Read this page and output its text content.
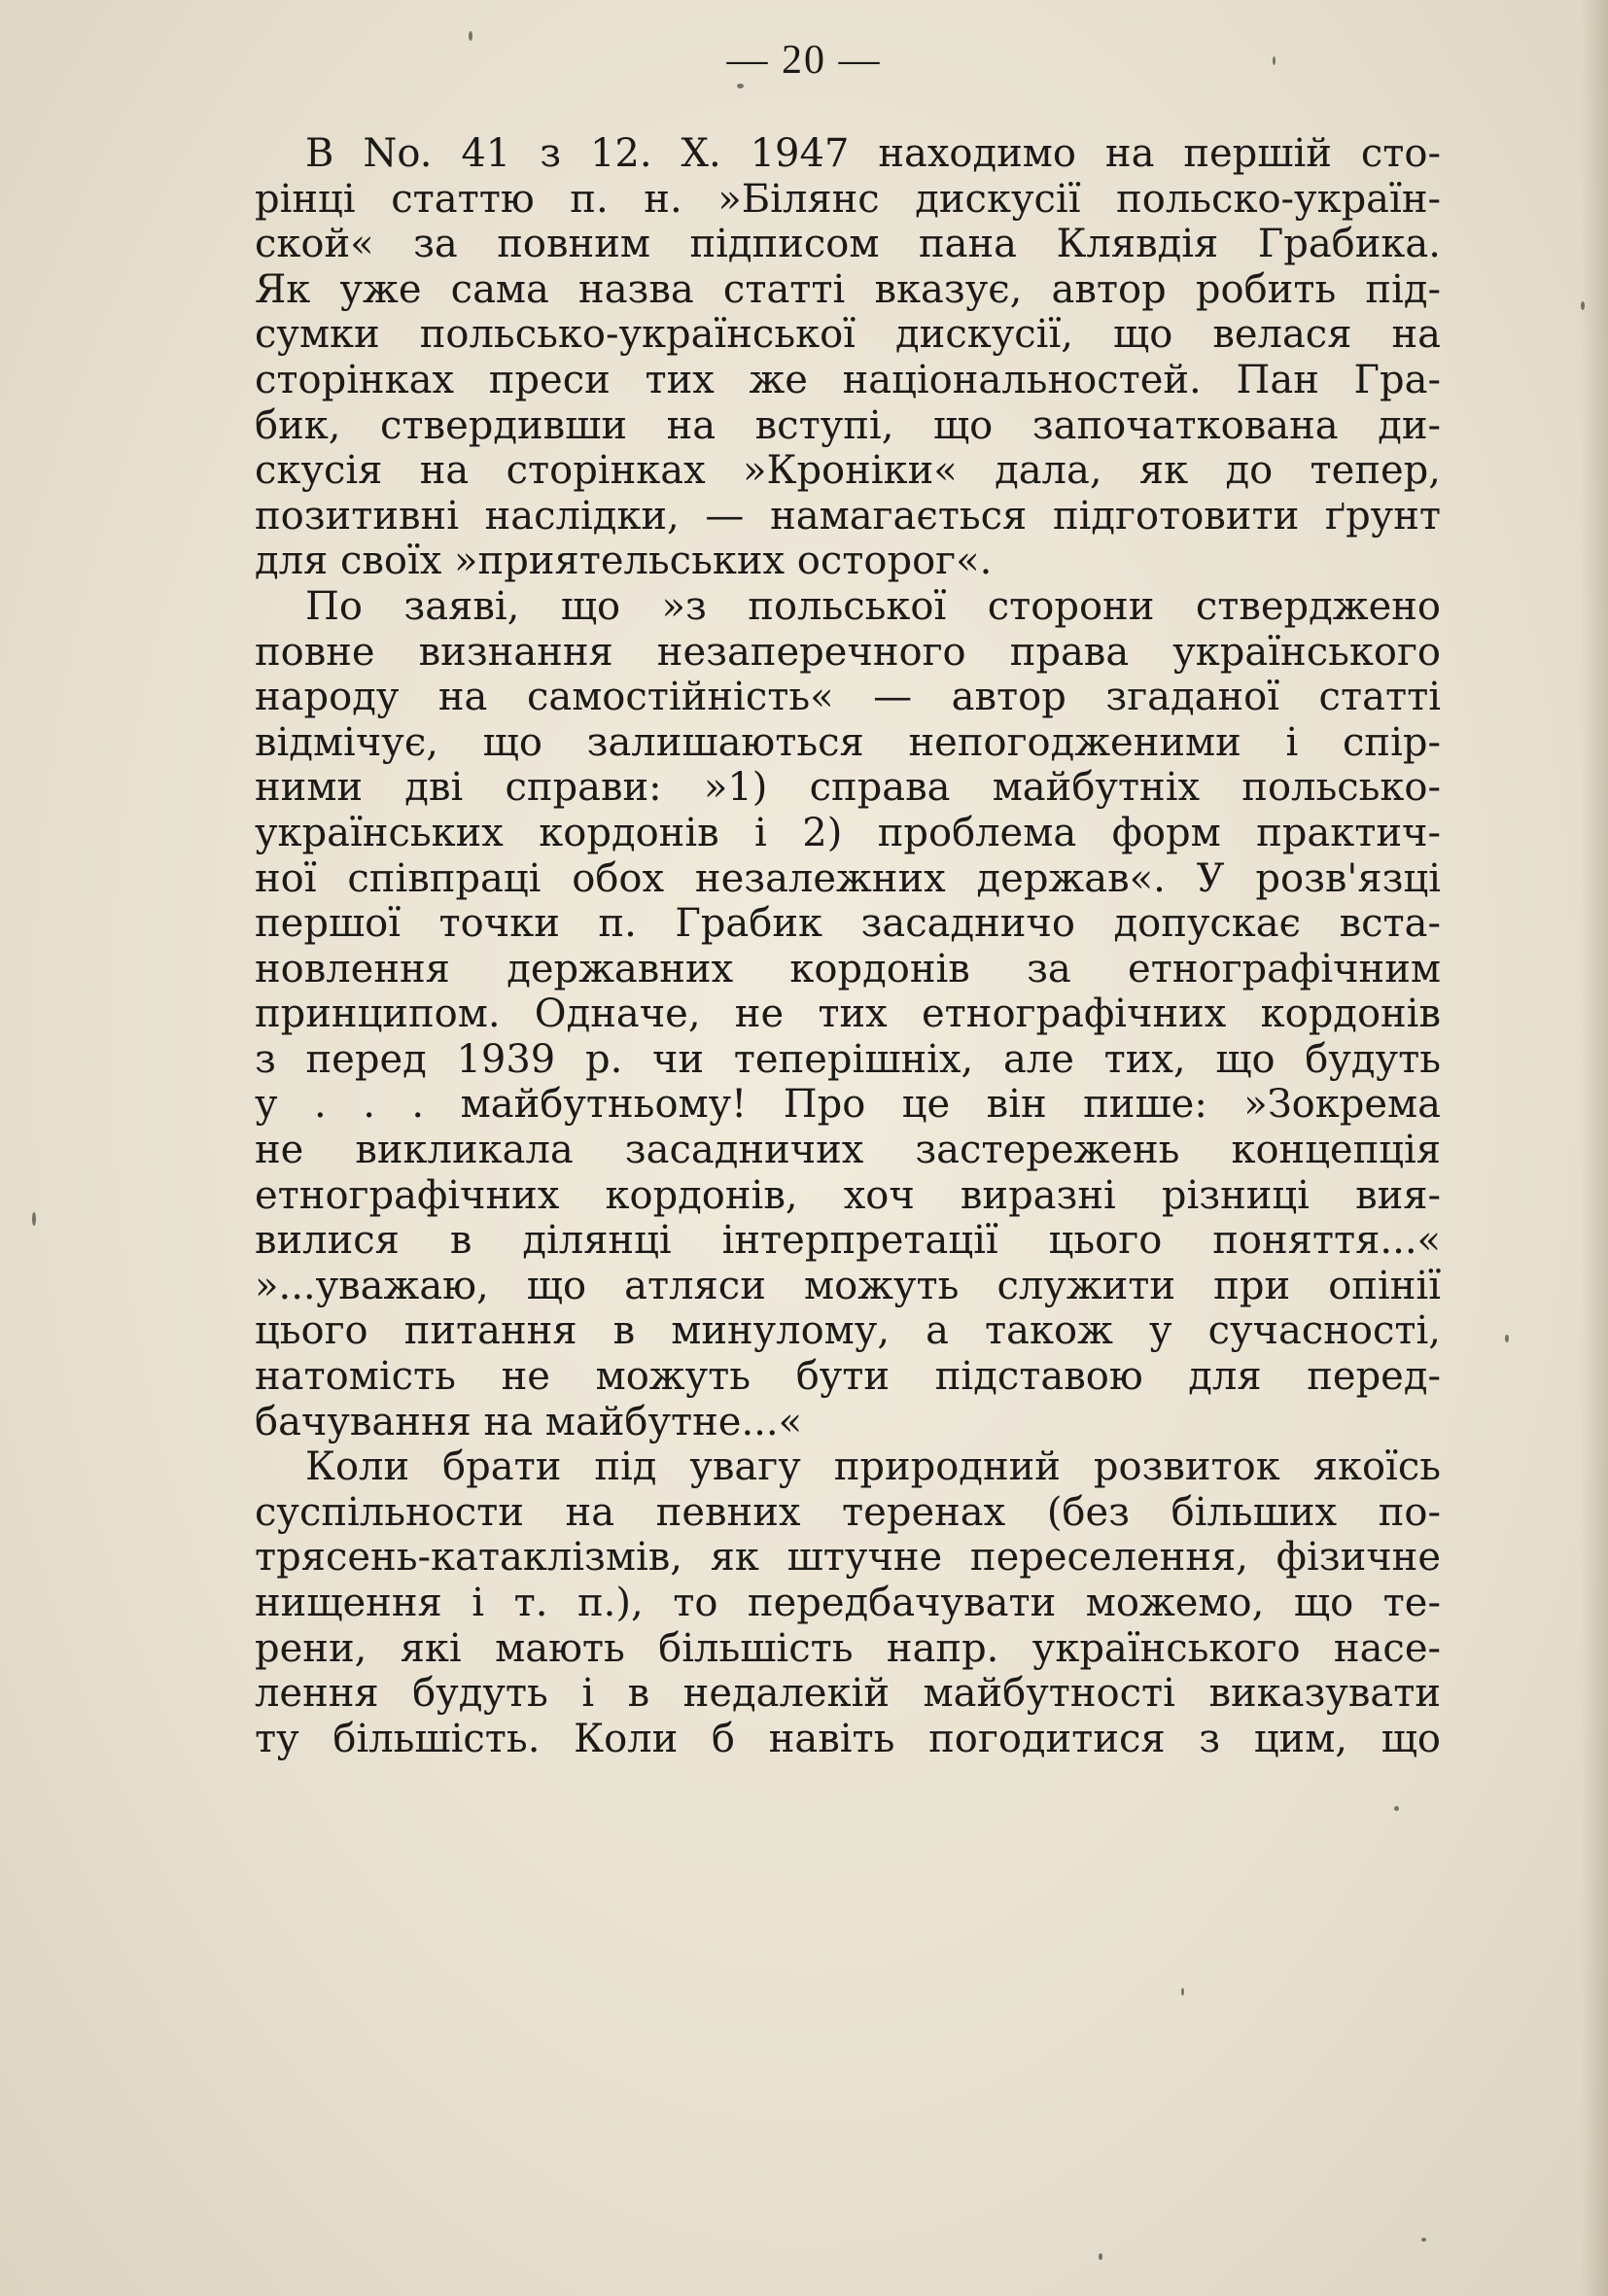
— 20 —
В No. 41 з 12. Х. 1947 находимо на першій сто-
рінці статтю п. н. »Білянс дискусії польско-україн-
ской« за повним підписом пана Клявдія Грабика.
Як уже сама назва статті вказує, автор робить під-
сумки польсько-української дискусії, що велася на
сторінках преси тих же національностей. Пан Гра-
бик, ствердивши на вступі, що започаткована ди-
скусія на сторінках »Кроніки« дала, як до тепер,
позитивні наслідки, — намагається підготовити ґрунт
для своїх »приятельських осторог«.
По заяві, що »з польської сторони стверджено
повне визнання незаперечного права українського
народу на самостійність« — автор згаданої статті
відмічує, що залишаються непогодженими і спір-
ними дві справи: »1) справа майбутніх польсько-
українських кордонів і 2) проблема форм практич-
ної співпраці обох незалежних держав«. У розв'язці
першої точки п. Грабик засадничо допускає вста-
новлення державних кордонів за етнографічним
принципом. Одначе, не тих етнографічних кордонів
з перед 1939 р. чи теперішніх, але тих, що будуть
у . . . майбутньому! Про це він пише: »Зокрема
не викликала засадничих застережень концепція
етнографічних кордонів, хоч виразні різниці вия-
вилися в ділянці інтерпретації цього поняття...«
»...уважаю, що атляси можуть служити при опінії
цього питання в минулому, а також у сучасності,
натомість не можуть бути підставою для перед-
бачування на майбутне...«
Коли брати під увагу природний розвиток якоїсь
суспільности на певних теренах (без більших по-
трясень-катаклізмів, як штучне переселення, фізичне
нищення і т. п.), то передбачувати можемо, що те-
рени, які мають більшість напр. українського насе-
лення будуть і в недалекій майбутності виказувати
ту більшість. Коли б навіть погодитися з цим, що
